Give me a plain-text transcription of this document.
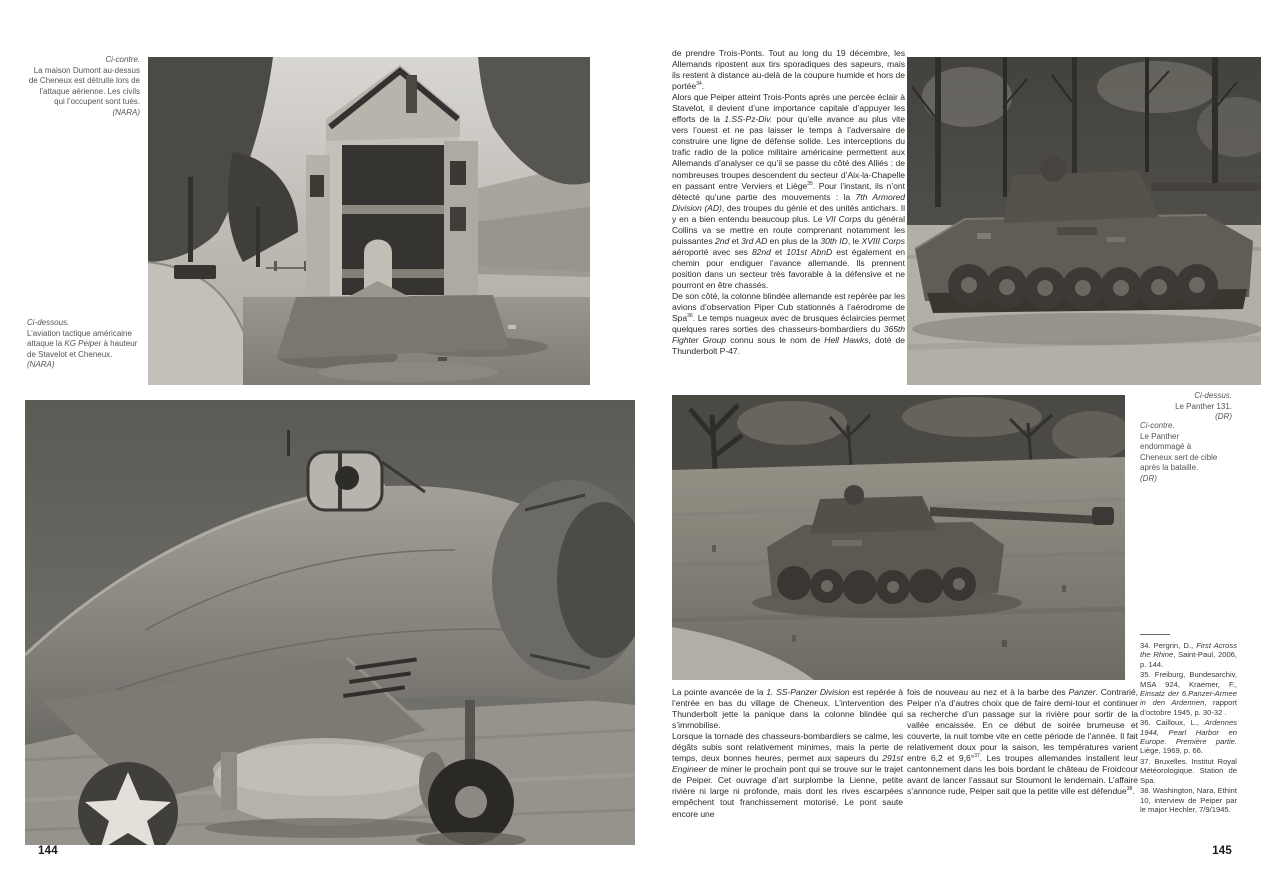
Ci-contre.
La maison Dumont au-dessus de Cheneux est détruite lors de l’attaque aérienne. Les civils qui l’occupent sont tués.
(NARA)
Ci-dessous.
L’aviation tactique américaine attaque la KG Peiper à hauteur de Stavelot et Cheneux.
(NARA)
144

de prendre Trois-Ponts. Tout au long du 19 décembre, les Allemands ripostent aux tirs sporadiques des sapeurs, mais ils restent à distance au-delà de la coupure humide et hors de portée$^{34}$.

Alors que Peiper atteint Trois-Ponts après une percée éclair à Stavelot, il devient d’une importance capitale d’appuyer les efforts de la 1.SS-Pz-Div. pour qu’elle avance au plus vite vers l’ouest et ne pas laisser le temps à l’adversaire de construire une ligne de défense solide. Les interceptions du trafic radio de la police militaire américaine permettent aux Allemands d’analyser ce qu’il se passe du côté des Alliés : de nombreuses troupes descendent du secteur d’Aix-la-Chapelle en passant entre Verviers et Liège$^{35}$. Pour l’instant, ils n’ont détecté qu’une partie des mouvements : la 7th Armored Division (AD), des troupes du génie et des unités antichars. Il y en a bien entendu beaucoup plus. Le VII Corps du général Collins va se mettre en route comprenant notamment les puissantes 2nd et 3rd AD en plus de la 30th ID, le XVIII Corps aéroporté avec ses 82nd et 101st AbnD est également en chemin pour endiguer l’avance allemande. Ils prennent position dans un secteur très favorable à la défensive et ne pourront en être chassés.

De son côté, la colonne blindée allemande est repérée par les avions d’observation Piper Cub stationnés à l’aérodrome de Spa$^{36}$. Le temps nuageux avec de brusques éclaircies permet quelques rares sorties des chasseurs-bombardiers du 365th Fighter Group connu sous le nom de Hell Hawks, doté de Thunderbolt P-47.

Ci-dessus.
Le Panther 131.
(DR)
Ci-contre.
Le Panther endommagé à Cheneux sert de cible après la bataille.
(DR)

34. Pergrin, D., First Across the Rhine, Saint-Paul, 2006, p. 144.

35. Freiburg, Bundesarchiv, MSA 924, Kraemer, F., Einsatz der 6.Panzer-Armee in den Ardennen, rapport d’octobre 1945, p. 30-32 .

36. Cailloux, L., Ardennes 1944, Pearl Harbor en Europe. Première partie. Liège, 1969, p. 66.

37. Bruxelles. Institut Royal Météorologique. Station de Spa.

38. Washington, Nara, Ethint 10, interview de Peiper par le major Hechler, 7/9/1945.

La pointe avancée de la 1. SS-Panzer Division est repérée à l’entrée en bas du village de Cheneux. L’intervention des Thunderbolt jette la panique dans la colonne blindée qui s’immobilise.

Lorsque la tornade des chasseurs-bombardiers se calme, les dégâts subis sont relativement minimes, mais la perte de temps, deux bonnes heures, permet aux sapeurs du 291st Engineer de miner le prochain pont qui se trouve sur le trajet de Peiper. Cet ouvrage d’art surplombe la Lienne, petite rivière ni large ni profonde, mais dont les rives escarpées empêchent tout franchissement motorisé. Le pont saute encore une

fois de nouveau au nez et à la barbe des Panzer. Contrarié, Peiper n’a d’autres choix que de faire demi-tour et continuer sa recherche d’un passage sur la rivière pour sortir de la vallée encaissée. En ce début de soirée brumeuse et couverte, la nuit tombe vite en cette période de l’année. Il fait relativement doux pour la saison, les températures varient entre 6,2 et 9,6°$^{37}$. Les troupes allemandes installent leur cantonnement dans les bois bordant le château de Froidcour avant de lancer l’assaut sur Stoumont le lendemain. L’affaire s’annonce rude, Peiper sait que la petite ville est défendue$^{38}$.

145
